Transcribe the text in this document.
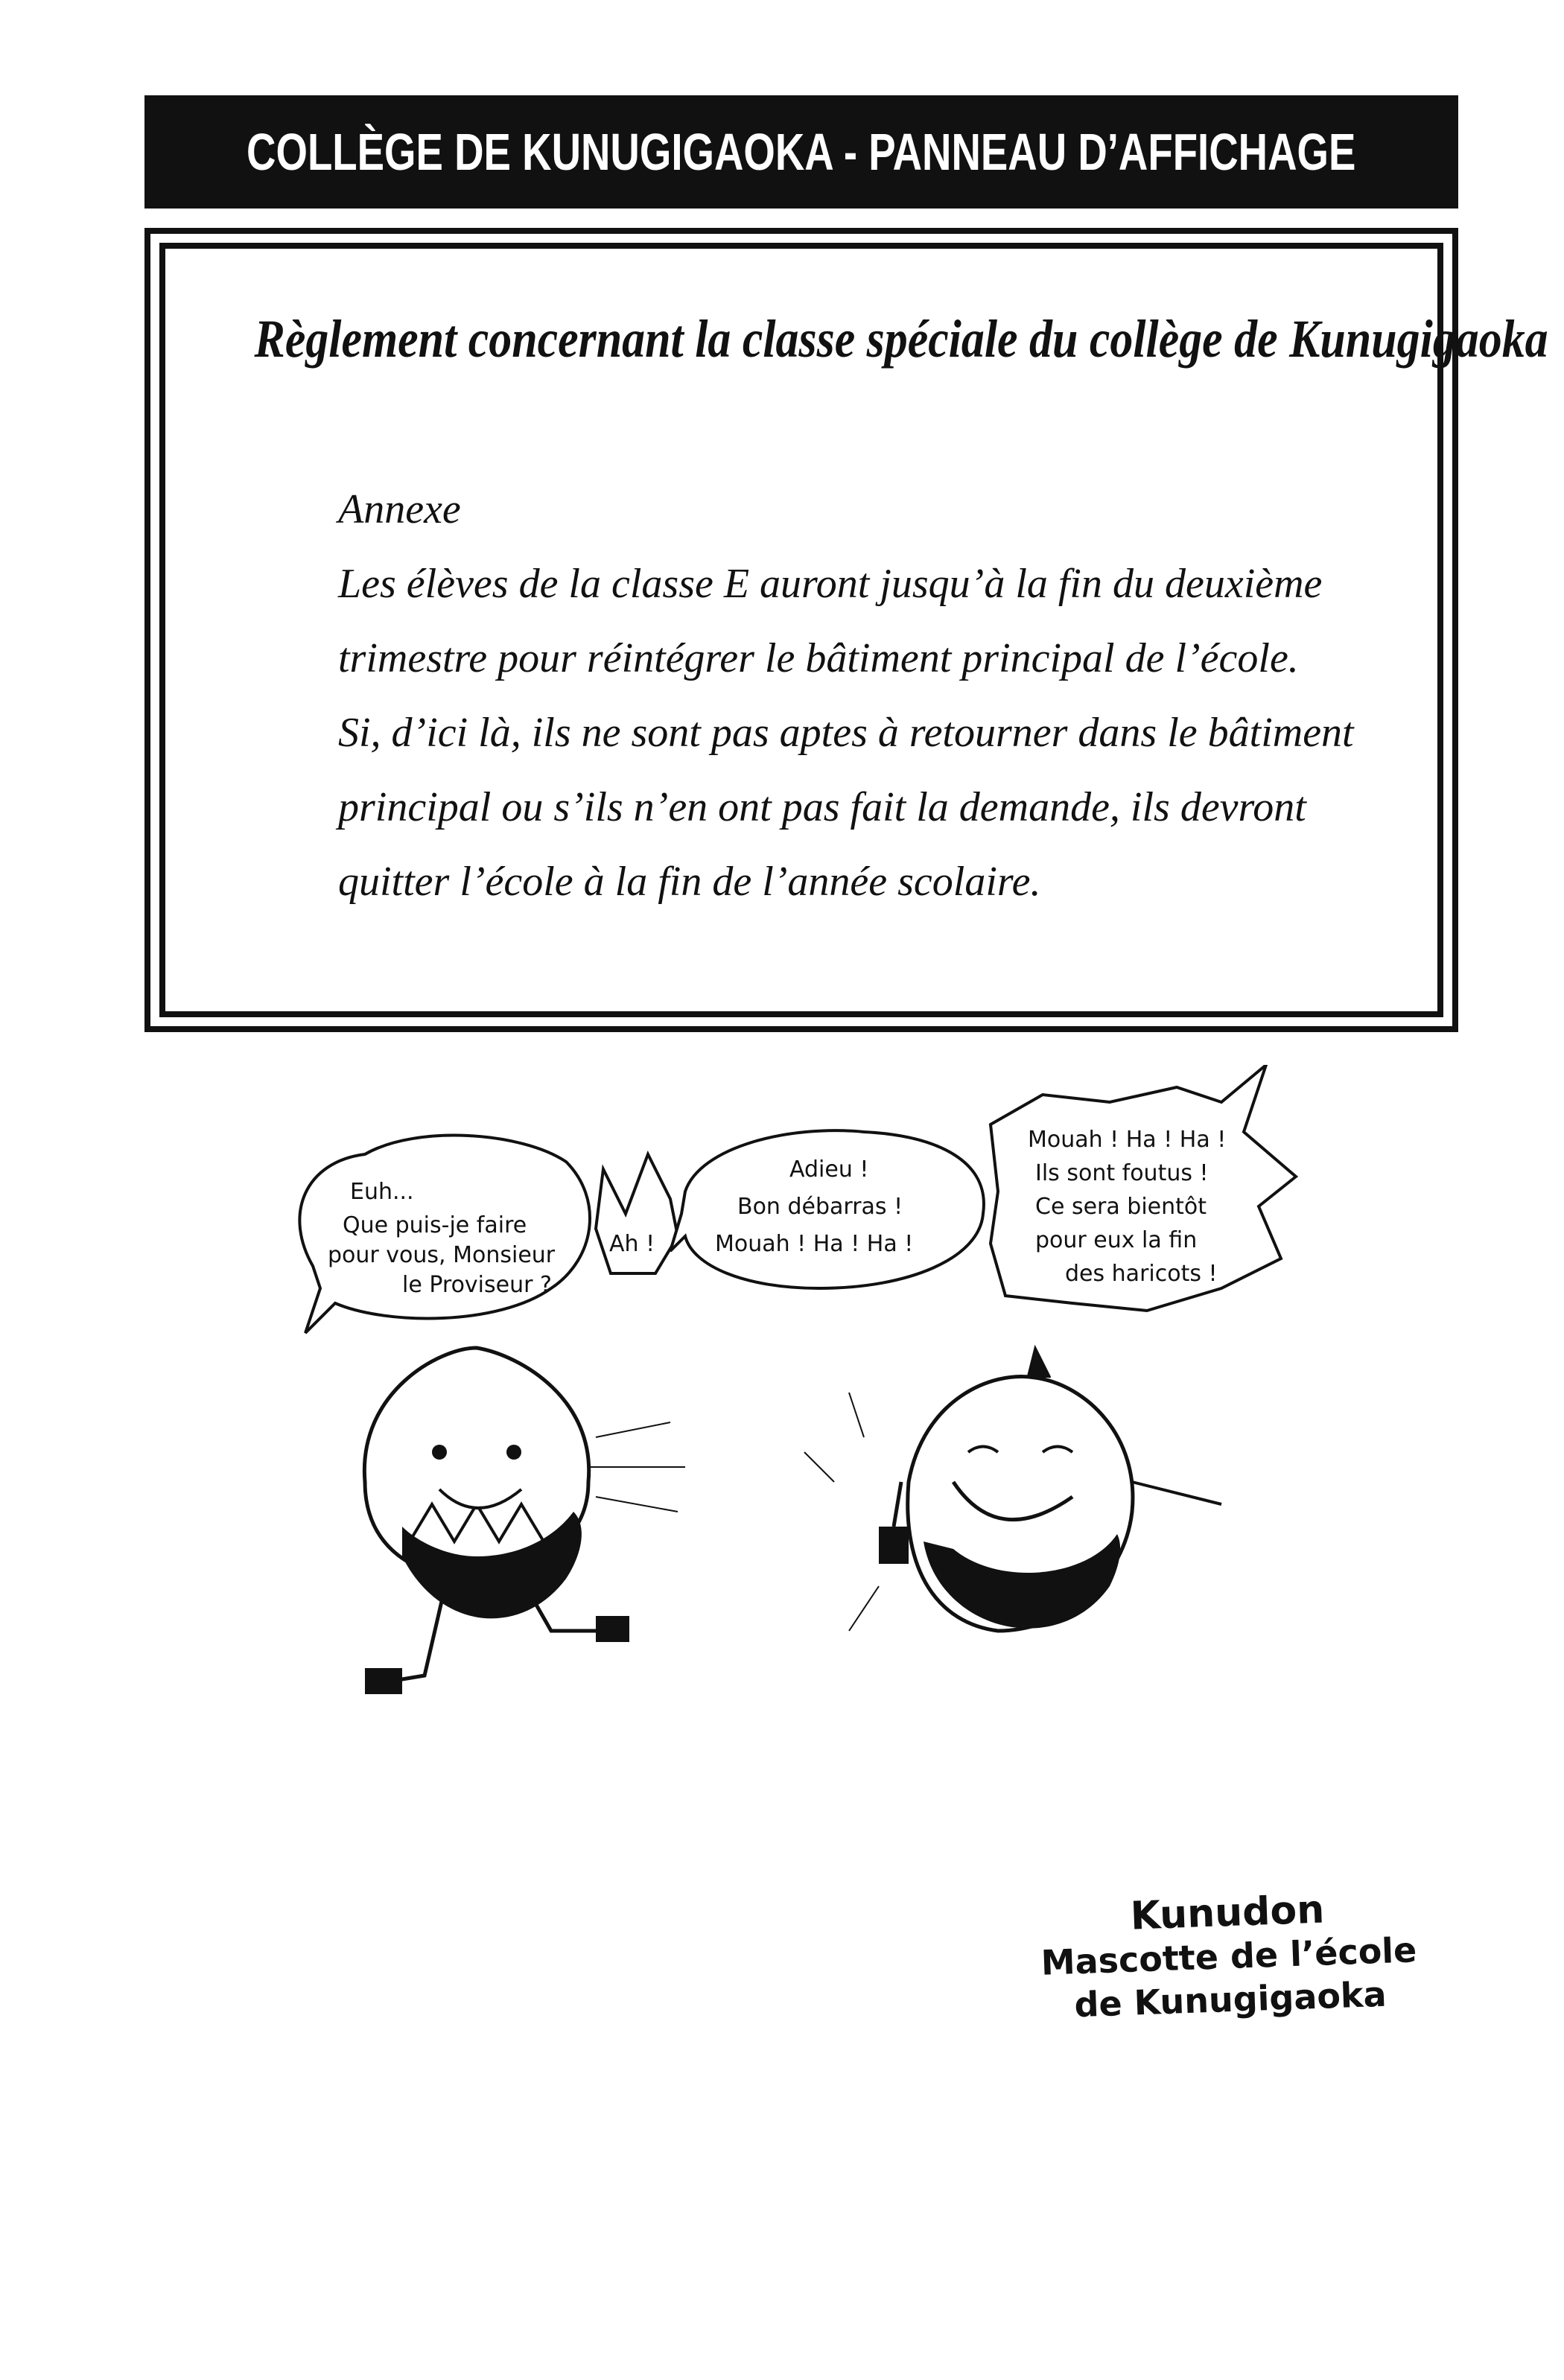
COLLÈGE DE KUNUGIGAOKA - PANNEAU D’AFFICHAGE
Règlement concernant la classe spéciale du collège de Kunugigaoka

Annexe

Les élèves de la classe E auront jusqu’à la fin du deuxième

trimestre pour réintégrer le bâtiment principal de l’école.

Si, d’ici là, ils ne sont pas aptes à retourner dans le bâtiment

principal ou s’ils n’en ont pas fait la demande, ils devront

quitter l’école à la fin de l’année scolaire.

Euh...
Que puis-je faire
pour vous, Monsieur
le Proviseur ?
Ah !
Adieu !
Bon débarras !
Mouah ! Ha ! Ha !
Mouah ! Ha ! Ha !
Ils sont foutus !
Ce sera bientôt
pour eux la fin
des haricots !
Kunudon
Mascotte de l’école
de Kunugigaoka
